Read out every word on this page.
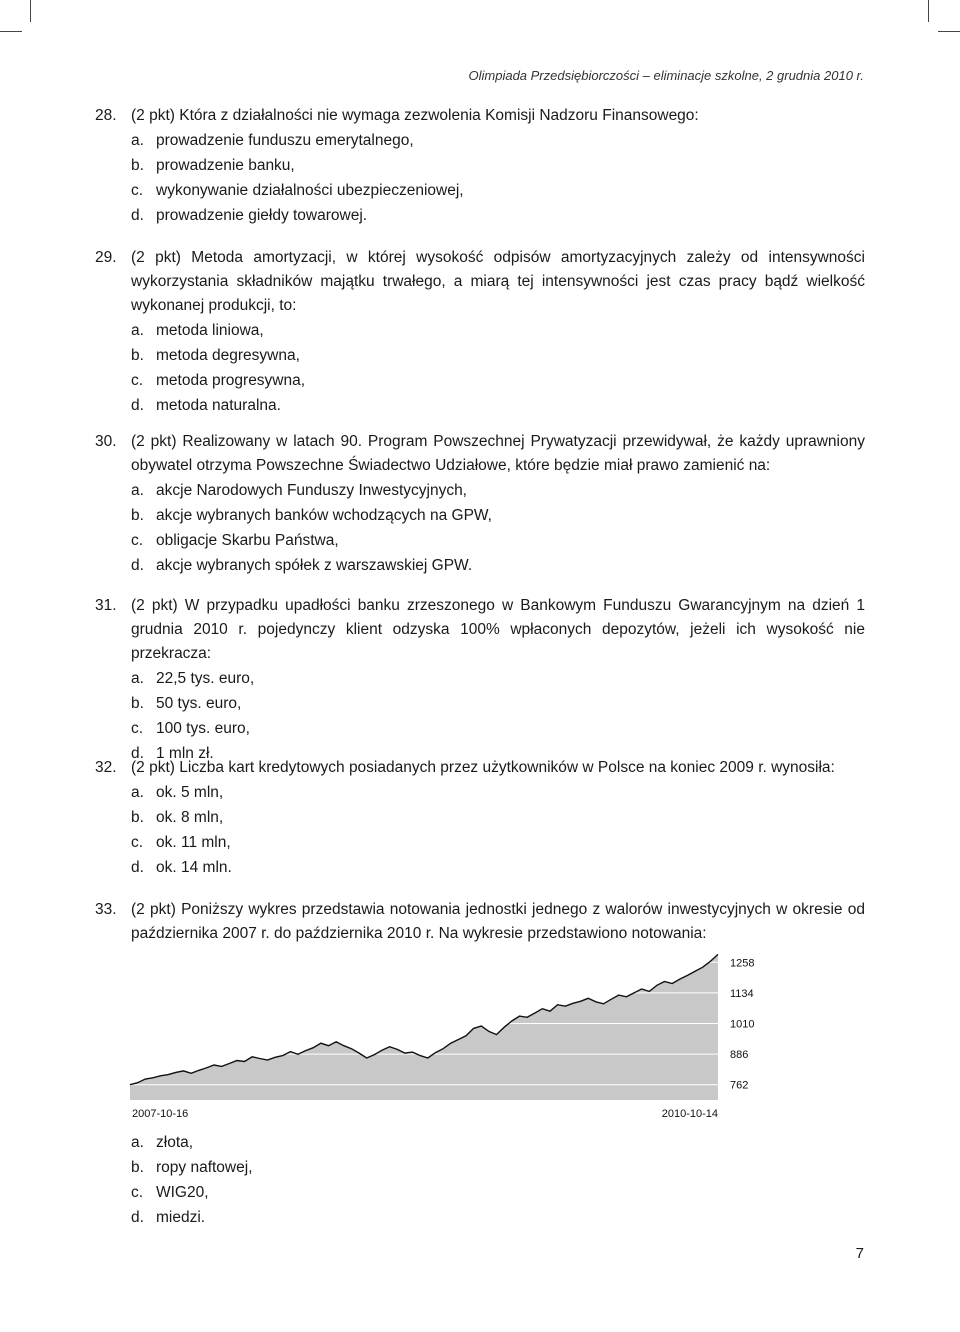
Olimpiada Przedsiębiorczości – eliminacje szkolne, 2 grudnia 2010 r.
28. (2 pkt) Która z działalności nie wymaga zezwolenia Komisji Nadzoru Finansowego:
a. prowadzenie funduszu emerytalnego,
b. prowadzenie banku,
c. wykonywanie działalności ubezpieczeniowej,
d. prowadzenie giełdy towarowej.
29. (2 pkt) Metoda amortyzacji, w której wysokość odpisów amortyzacyjnych zależy od intensywności wykorzystania składników majątku trwałego, a miarą tej intensywności jest czas pracy bądź wielkość wykonanej produkcji, to:
a. metoda liniowa,
b. metoda degresywna,
c. metoda progresywna,
d. metoda naturalna.
30. (2 pkt) Realizowany w latach 90. Program Powszechnej Prywatyzacji przewidywał, że każdy uprawniony obywatel otrzyma Powszechne Świadectwo Udziałowe, które będzie miał prawo zamienić na:
a. akcje Narodowych Funduszy Inwestycyjnych,
b. akcje wybranych banków wchodzących na GPW,
c. obligacje Skarbu Państwa,
d. akcje wybranych spółek z warszawskiej GPW.
31. (2 pkt) W przypadku upadłości banku zrzeszonego w Bankowym Funduszu Gwarancyjnym na dzień 1 grudnia 2010 r. pojedynczy klient odzyska 100% wpłaconych depozytów, jeżeli ich wysokość nie przekracza:
a. 22,5 tys. euro,
b. 50 tys. euro,
c. 100 tys. euro,
d. 1 mln zł.
32. (2 pkt) Liczba kart kredytowych posiadanych przez użytkowników w Polsce na koniec 2009 r. wynosiła:
a. ok. 5 mln,
b. ok. 8 mln,
c. ok. 11 mln,
d. ok. 14 mln.
33. (2 pkt) Poniższy wykres przedstawia notowania jednostki jednego z walorów inwestycyjnych w okresie od października 2007 r. do października 2010 r. Na wykresie przedstawiono notowania:
762
886
1010
1134
1258
2007-10-16	2010-10-14
a. złota,
b. ropy naftowej,
c. WIG20,
d. miedzi.
7
